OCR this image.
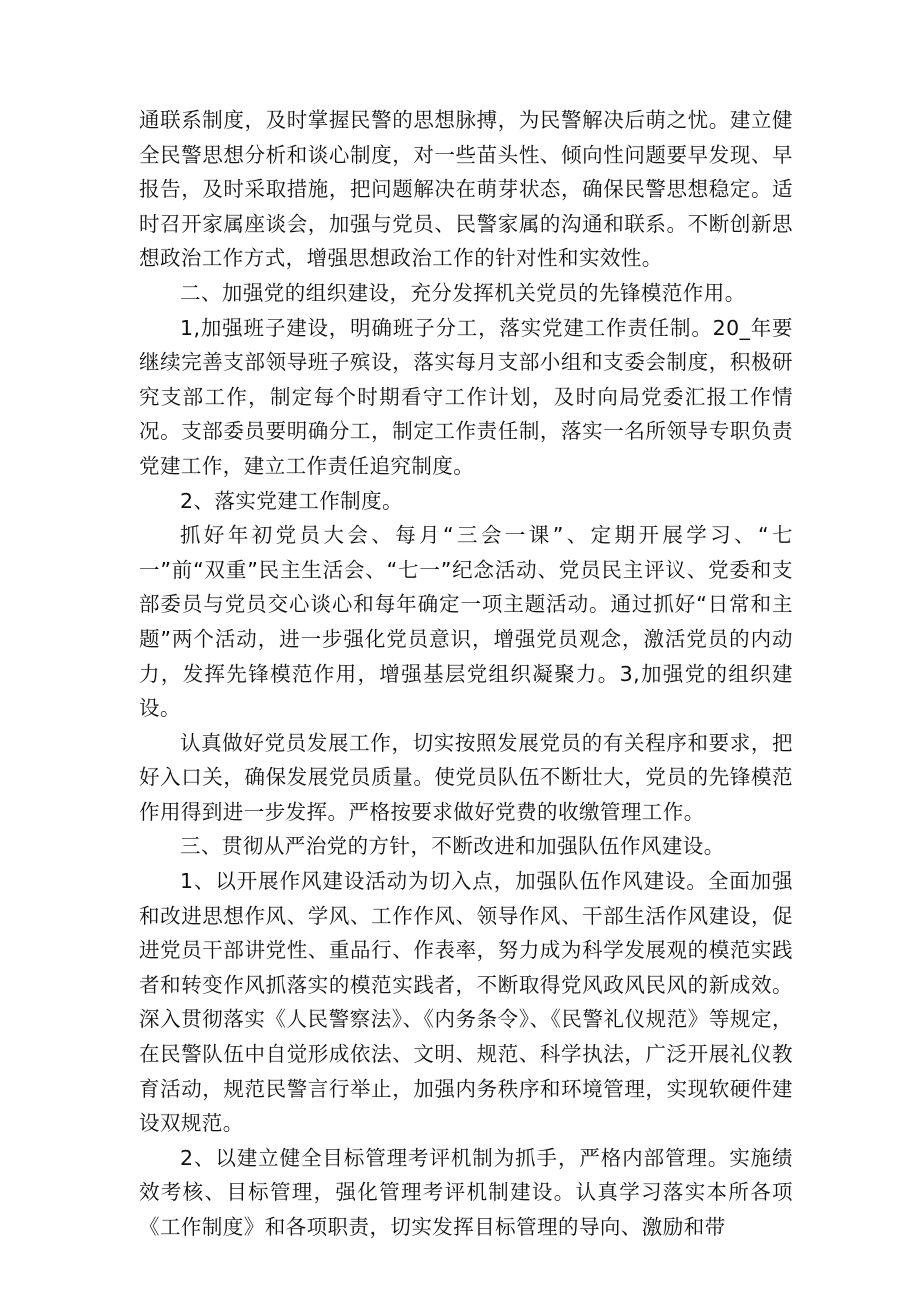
通联系制度，及时掌握民警的思想脉搏，为民警解决后萌之忧。建立健全民警思想分析和谈心制度，对一些苗头性、倾向性问题要早发现、早报告，及时采取措施，把问题解决在萌芽状态，确保民警思想稳定。适时召开家属座谈会，加强与党员、民警家属的沟通和联系。不断创新思想政治工作方式，增强思想政治工作的针对性和实效性。

二、加强党的组织建设，充分发挥机关党员的先锋模范作用。

1,加强班子建设，明确班子分工，落实党建工作责任制。20_年要继续完善支部领导班子殡设，落实每月支部小组和支委会制度，积极研究支部工作，制定每个时期看守工作计划，及时向局党委汇报工作情况。支部委员要明确分工，制定工作责任制，落实一名所领导专职负责党建工作，建立工作责任追究制度。

2、落实党建工作制度。

抓好年初党员大会、每月“三会一课”、定期开展学习、“七一”前“双重”民主生活会、“七一”纪念活动、党员民主评议、党委和支部委员与党员交心谈心和每年确定一项主题活动。通过抓好“日常和主题”两个活动，进一步强化党员意识，增强党员观念，激活党员的内动力，发挥先锋模范作用，增强基层党组织凝聚力。3,加强党的组织建设。

认真做好党员发展工作，切实按照发展党员的有关程序和要求，把好入口关，确保发展党员质量。使党员队伍不断壮大，党员的先锋模范作用得到进一步发挥。严格按要求做好党费的收缴管理工作。

三、贯彻从严治党的方针，不断改进和加强队伍作风建设。

1、以开展作风建设活动为切入点，加强队伍作风建设。全面加强和改进思想作风、学风、工作作风、领导作风、干部生活作风建设，促进党员干部讲党性、重品行、作表率，努力成为科学发展观的模范实践者和转变作风抓落实的模范实践者，不断取得党风政风民风的新成效。深入贯彻落实《人民警察法》、《内务条令》、《民警礼仪规范》等规定，在民警队伍中自觉形成依法、文明、规范、科学执法，广泛开展礼仪教育活动，规范民警言行举止，加强内务秩序和环境管理，实现软硬件建设双规范。

2、以建立健全目标管理考评机制为抓手，严格内部管理。实施绩效考核、目标管理，强化管理考评机制建设。认真学习落实本所各项《工作制度》和各项职责，切实发挥目标管理的导向、激励和带
